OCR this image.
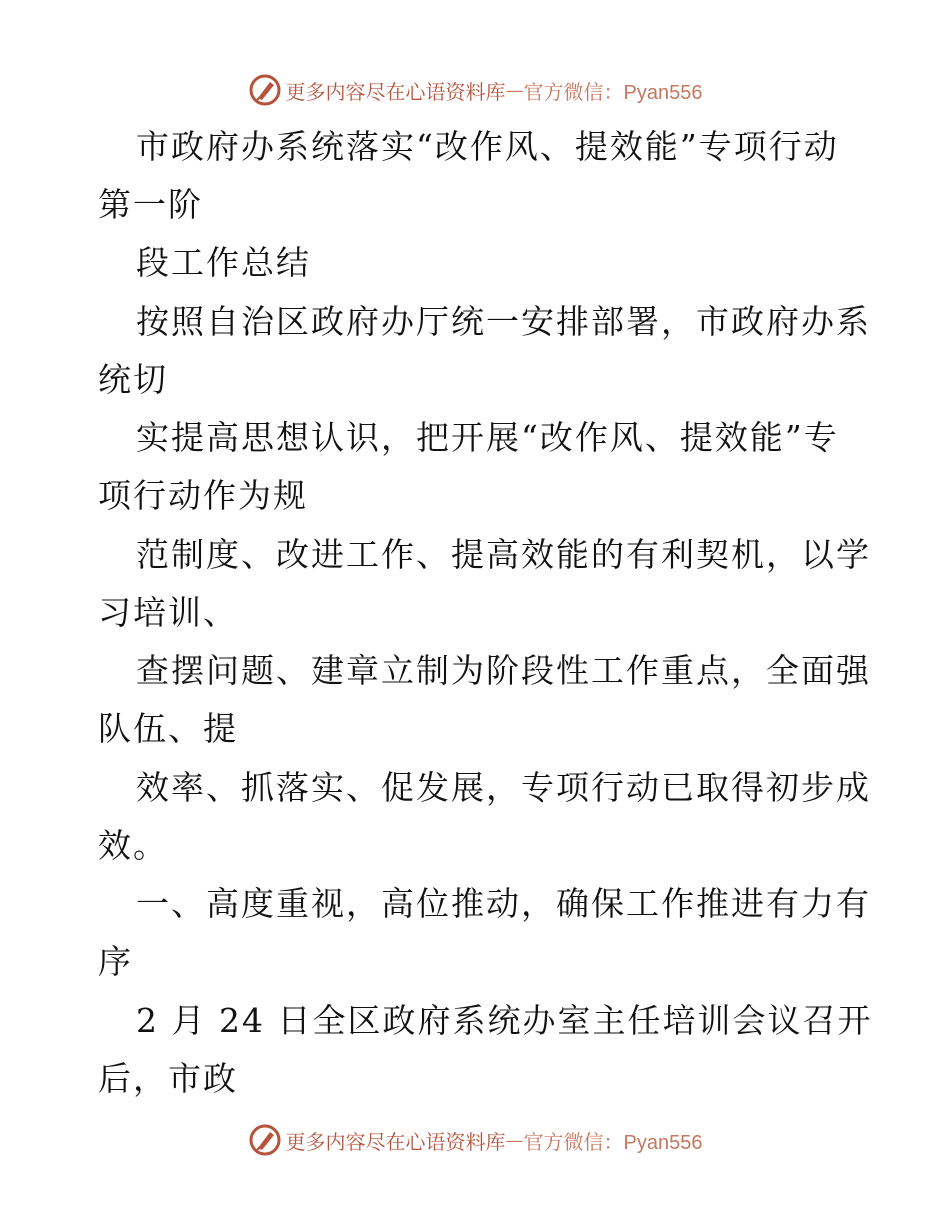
更多内容尽在心语资料库 — 官方微信：Pyan556
市政府办系统落实“改作风、提效能”专项行动
第一阶
段工作总结
按照自治区政府办厅统一安排部署，市政府办系
统切
实提高思想认识，把开展“改作风、提效能”专
项行动作为规
范制度、改进工作、提高效能的有利契机，以学
习培训、
查摆问题、建章立制为阶段性工作重点，全面强
队伍、提
效率、抓落实、促发展，专项行动已取得初步成
效。
一、高度重视，高位推动，确保工作推进有力有
序
2 月 24 日全区政府系统办室主任培训会议召开
后，市政
更多内容尽在心语资料库 — 官方微信：Pyan556
